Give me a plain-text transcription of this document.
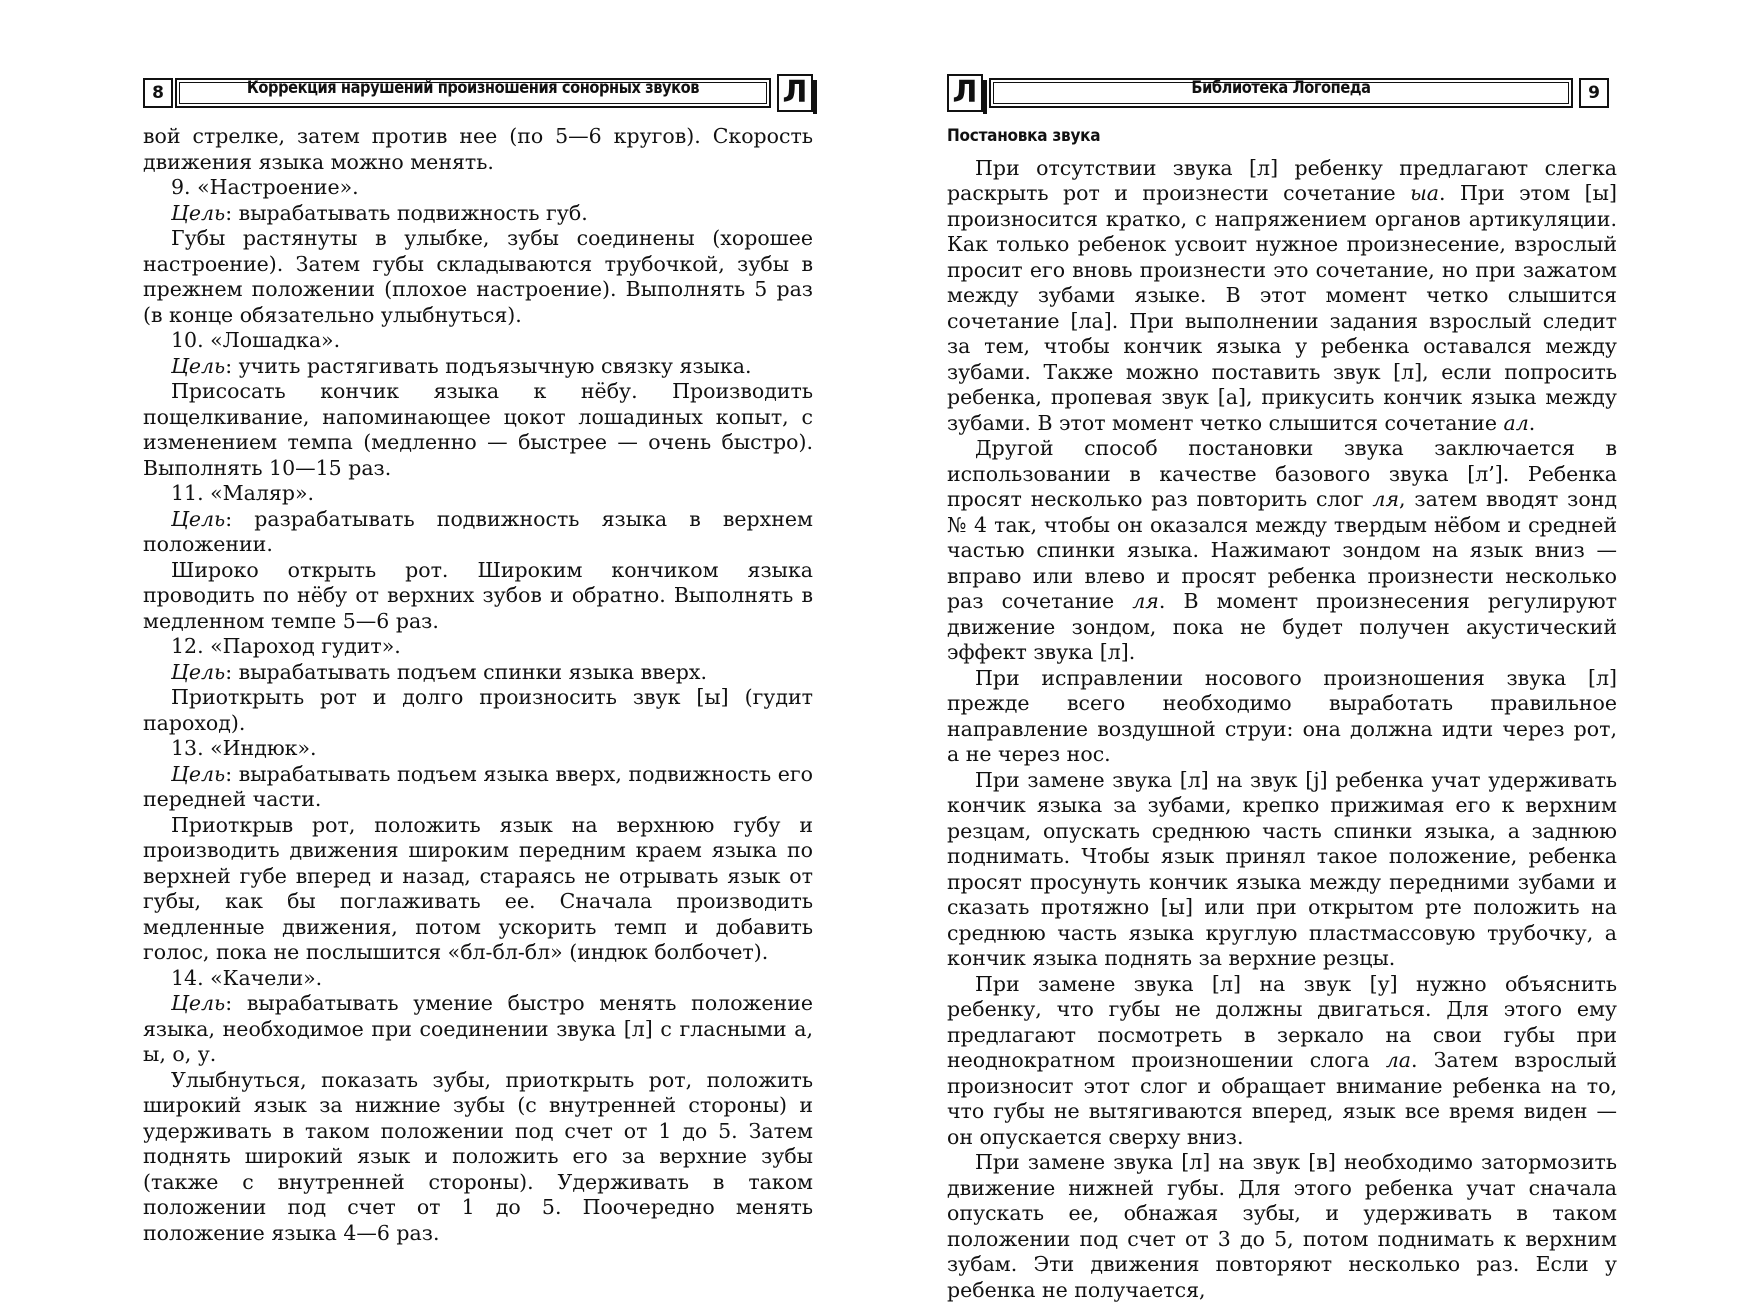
8	Коррекция нарушений произношения сонорных звуков	Л

вой стрелке, затем против нее (по 5—6 кругов). Скорость движения языка можно менять.

9. «Настроение».

Цель: вырабатывать подвижность губ.

Губы растянуты в улыбке, зубы соединены (хорошее настроение). Затем губы складываются трубочкой, зубы в прежнем положении (плохое настроение). Выполнять 5 раз (в конце обязательно улыбнуться).

10. «Лошадка».

Цель: учить растягивать подъязычную связку языка.

Присосать кончик языка к нёбу. Производить пощелкивание, напоминающее цокот лошадиных копыт, с изменением темпа (медленно — быстрее — очень быстро). Выполнять 10—15 раз.

11. «Маляр».

Цель: разрабатывать подвижность языка в верхнем положении.

Широко открыть рот. Широким кончиком языка проводить по нёбу от верхних зубов и обратно. Выполнять в медленном темпе 5—6 раз.

12. «Пароход гудит».

Цель: вырабатывать подъем спинки языка вверх.

Приоткрыть рот и долго произносить звук [ы] (гудит пароход).

13. «Индюк».

Цель: вырабатывать подъем языка вверх, подвижность его передней части.

Приоткрыв рот, положить язык на верхнюю губу и производить движения широким передним краем языка по верхней губе вперед и назад, стараясь не отрывать язык от губы, как бы поглаживать ее. Сначала производить медленные движения, потом ускорить темп и добавить голос, пока не послышится «бл-бл-бл» (индюк болбочет).

14. «Качели».

Цель: вырабатывать умение быстро менять положение языка, необходимое при соединении звука [л] с гласными а, ы, о, у.

Улыбнуться, показать зубы, приоткрыть рот, положить широкий язык за нижние зубы (с внутренней стороны) и удерживать в таком положении под счет от 1 до 5. Затем поднять широкий язык и положить его за верхние зубы (также с внутренней стороны). Удерживать в таком положении под счет от 1 до 5. Поочередно менять положение языка 4—6 раз.

Л	Библиотека Логопеда	9
Постановка звука

При отсутствии звука [л] ребенку предлагают слегка раскрыть рот и произнести сочетание ыа. При этом [ы] произносится кратко, с напряжением органов артикуляции. Как только ребенок усвоит нужное произнесение, взрослый просит его вновь произнести это сочетание, но при зажатом между зубами языке. В этот момент четко слышится сочетание [ла]. При выполнении задания взрослый следит за тем, чтобы кончик языка у ребенка оставался между зубами. Также можно поставить звук [л], если попросить ребенка, пропевая звук [а], прикусить кончик языка между зубами. В этот момент четко слышится сочетание ал.

Другой способ постановки звука заключается в использовании в качестве базового звука [л’]. Ребенка просят несколько раз повторить слог ля, затем вводят зонд № 4 так, чтобы он оказался между твердым нёбом и средней частью спинки языка. Нажимают зондом на язык вниз — вправо или влево и просят ребенка произнести несколько раз сочетание ля. В момент произнесения регулируют движение зондом, пока не будет получен акустический эффект звука [л].

При исправлении носового произношения звука [л] прежде всего необходимо выработать правильное направление воздушной струи: она должна идти через рот, а не через нос.

При замене звука [л] на звук [j] ребенка учат удерживать кончик языка за зубами, крепко прижимая его к верхним резцам, опускать среднюю часть спинки языка, а заднюю поднимать. Чтобы язык принял такое положение, ребенка просят просунуть кончик языка между передними зубами и сказать протяжно [ы] или при открытом рте положить на среднюю часть языка круглую пластмассовую трубочку, а кончик языка поднять за верхние резцы.

При замене звука [л] на звук [у] нужно объяснить ребенку, что губы не должны двигаться. Для этого ему предлагают посмотреть в зеркало на свои губы при неоднократном произношении слога ла. Затем взрослый произносит этот слог и обращает внимание ребенка на то, что губы не вытягиваются вперед, язык все время виден — он опускается сверху вниз.

При замене звука [л] на звук [в] необходимо затормозить движение нижней губы. Для этого ребенка учат сначала опускать ее, обнажая зубы, и удерживать в таком положении под счет от 3 до 5, потом поднимать к верхним зубам. Эти движения повторяют несколько раз. Если у ребенка не получается,
